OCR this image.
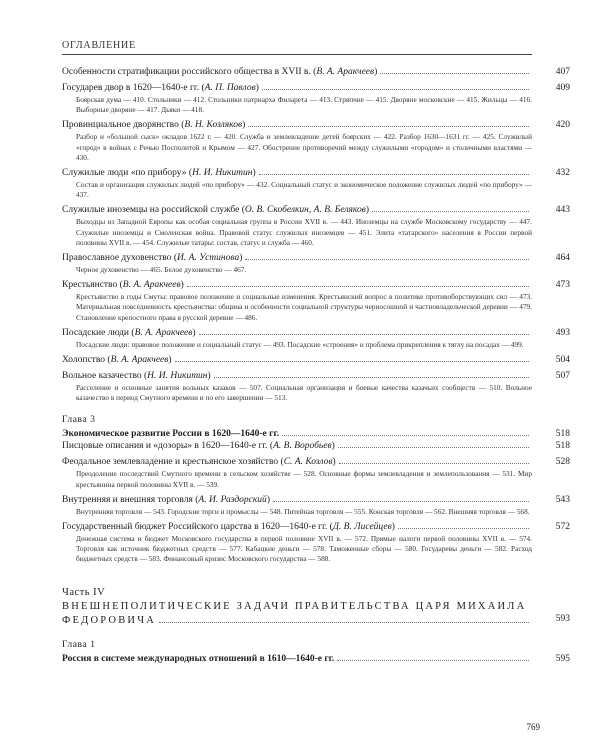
ОГЛАВЛЕНИЕ
Особенности стратификации российского общества в XVII в. (В. А. Аракчеев)	407
Государев двор в 1620—1640-е гг. (А. П. Павлов)	409
Боярская дума — 410. Стольники — 412. Стольники патриарха Филарета — 413. Стряпчие — 415. Дворяне московские — 415. Жильцы — 416. Выборные дворяне — 417. Дьяки — 418.
Провинциальное дворянство (В. Н. Козляков)	420
Разбор и «большой сыск» окладов 1622 г. — 420. Служба и землевладение детей боярских — 422. Разбор 1630—1631 гг. — 425. Служилый «город» в войнах с Речью Посполитой и Крымом — 427. Обострение противоречий между служилыми «городом» и столичными властями — 430.
Служилые люди «по прибору» (Н. И. Никитин)	432
Состав и организация служилых людей «по прибору» — 432. Социальный статус и экономическое положение служилых людей «по прибору» — 437.
Служилые иноземцы на российской службе (О. В. Скобелкин, А. В. Беляков)	443
Выходцы из Западной Европы как особая социальная группа в России XVII в. — 443. Иноземцы на службе Московскому государству — 447. Служилые иноземцы и Смоленская война. Правовой статус служилых иноземцев — 451. Элита «татарского» населения в России первой половины XVII в. — 454. Служилые татары: состав, статус и служба — 460.
Православное духовенство (И. А. Устинова)	464
Черное духовенство — 465. Белое духовенство — 467.
Крестьянство (В. А. Аракчеев)	473
Крестьянство в годы Смуты: правовое положение и социальные изменения. Крестьянский вопрос в политике противоборствующих сил — 473. Материальная повседневность крестьянства: община и особенности социальной структуры черносошной и частновладельческой деревни — 479. Становление крепостного права в русской деревне — 486.
Посадские люди (В. А. Аракчеев)	493
Посадские люди: правовое положение и социальный статус — 493. Посадские «строения» и проблема прикрепления к тяглу на посадах — 499.
Холопство (В. А. Аракчеев)	504
Вольное казачество (Н. И. Никитин)	507
Расселение и основные занятия вольных казаков — 507. Социальная организация и боевые качества казачьих сообществ — 510. Вольное казачество в период Смутного времени и по его завершении — 513.
Глава 3
Экономическое развитие России в 1620—1640-е гг.	518
Писцовые описания и «дозоры» в 1620—1640-е гг. (А. В. Воробьев)	518
Феодальное землевладение и крестьянское хозяйство (С. А. Козлов)	528
Преодоление последствий Смутного времени в сельском хозяйстве — 528. Основные формы землевладения и землепользования — 531. Мир крестьянина первой половины XVII в. — 539.
Внутренняя и внешняя торговля (А. И. Раздорский)	543
Внутренняя торговля — 543. Городские торги и промыслы — 548. Питейная торговля — 555. Конская торговля — 562. Внешняя торговля — 568.
Государственный бюджет Российского царства в 1620—1640-е гг. (Д. В. Лисейцев)	572
Денежная система и бюджет Московского государства в первой половине XVII в. — 572. Прямые налоги первой половины XVII в. — 574. Торговля как источник бюджетных средств — 577. Кабацкие деньги — 578. Таможенные сборы — 580. Государевы деньги — 582. Расход бюджетных средств — 583. Финансовый кризис Московского государства — 588.
Часть IV
ВНЕШНЕПОЛИТИЧЕСКИЕ ЗАДАЧИ ПРАВИТЕЛЬСТВА ЦАРЯ МИХАИЛА
ФЕДОРОВИЧА	593
Глава 1
Россия в системе международных отношений в 1610—1640-е гг.	595
769
